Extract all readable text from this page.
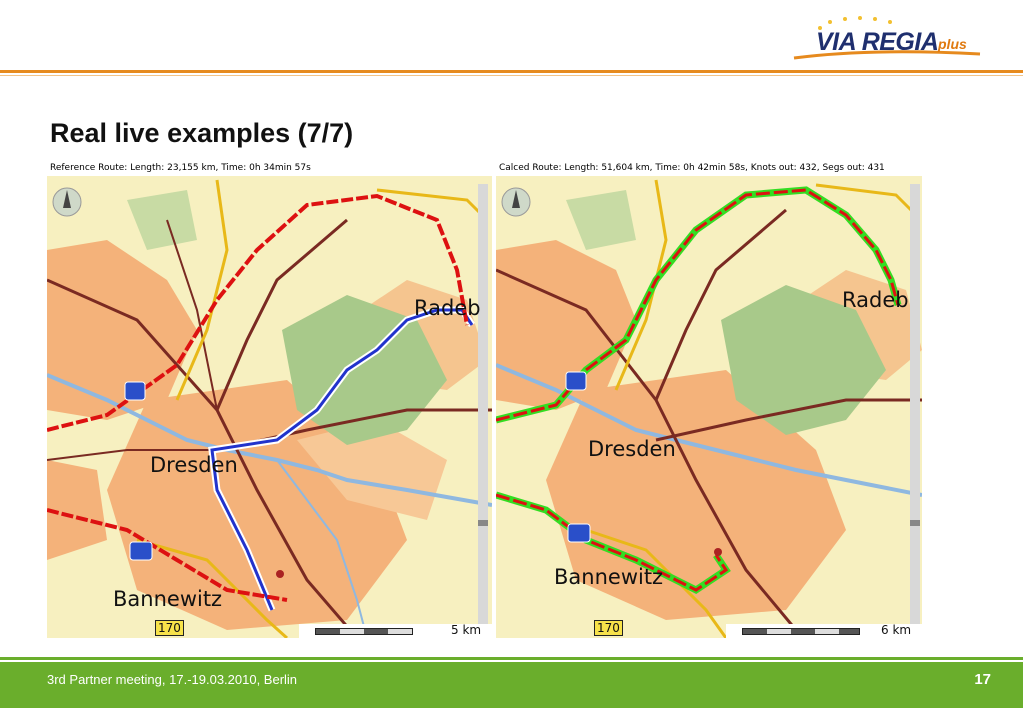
VIA REGIA plus
Real live examples (7/7)
Reference Route: Length: 23,155 km, Time: 0h 34min 57s
Radeb
Dresden
Bannewitz
170	5 km
Calced Route: Length: 51,604 km, Time: 0h 42min 58s, Knots out: 432, Segs out: 431
Radeb
Dresden
Bannewitz
170	6 km
3rd Partner meeting, 17.-19.03.2010, Berlin	17
